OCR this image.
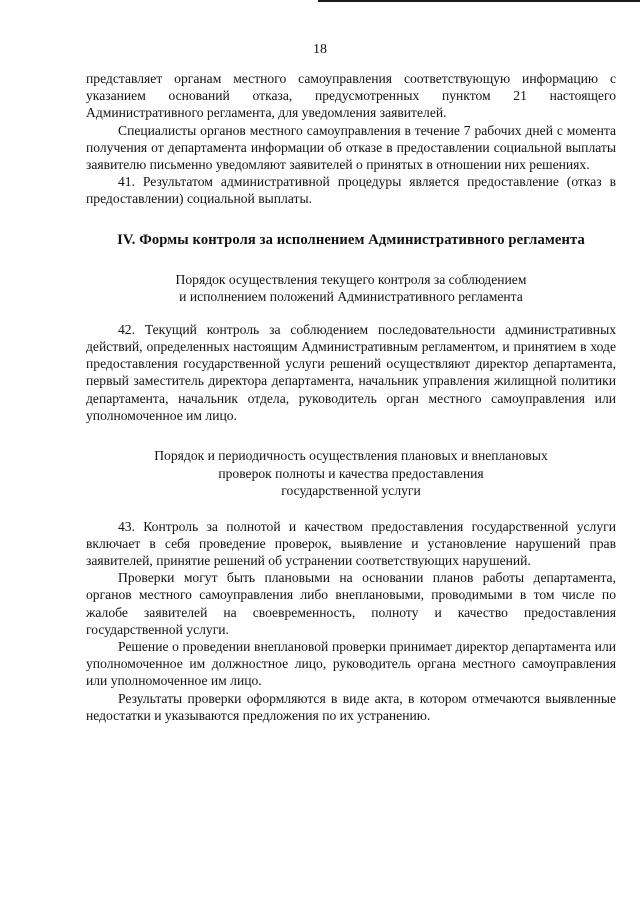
18

представляет органам местного самоуправления соответствующую информацию с указанием оснований отказа, предусмотренных пунктом 21 настоящего Административного регламента, для уведомления заявителей.

Специалисты органов местного самоуправления в течение 7 рабочих дней с момента получения от департамента информации об отказе в предоставлении социальной выплаты заявителю письменно уведомляют заявителей о принятых в отношении них решениях.

41. Результатом административной процедуры является предоставление (отказ в предоставлении) социальной выплаты.

IV. Формы контроля за исполнением Административного регламента
Порядок осуществления текущего контроля за соблюдением
и исполнением положений Административного регламента

42. Текущий контроль за соблюдением последовательности административных действий, определенных настоящим Административным регламентом, и принятием в ходе предоставления государственной услуги решений осуществляют директор департамента, первый заместитель директора департамента, начальник управления жилищной политики департамента, начальник отдела, руководитель орган местного самоуправления или уполномоченное им лицо.

Порядок и периодичность осуществления плановых и внеплановых
проверок полноты и качества предоставления
государственной услуги

43. Контроль за полнотой и качеством предоставления государственной услуги включает в себя проведение проверок, выявление и установление нарушений прав заявителей, принятие решений об устранении соответствующих нарушений.

Проверки могут быть плановыми на основании планов работы департамента, органов местного самоуправления либо внеплановыми, проводимыми в том числе по жалобе заявителей на своевременность, полноту и качество предоставления государственной услуги.

Решение о проведении внеплановой проверки принимает директор департамента или уполномоченное им должностное лицо, руководитель органа местного самоуправления или уполномоченное им лицо.

Результаты проверки оформляются в виде акта, в котором отмечаются выявленные недостатки и указываются предложения по их устранению.
